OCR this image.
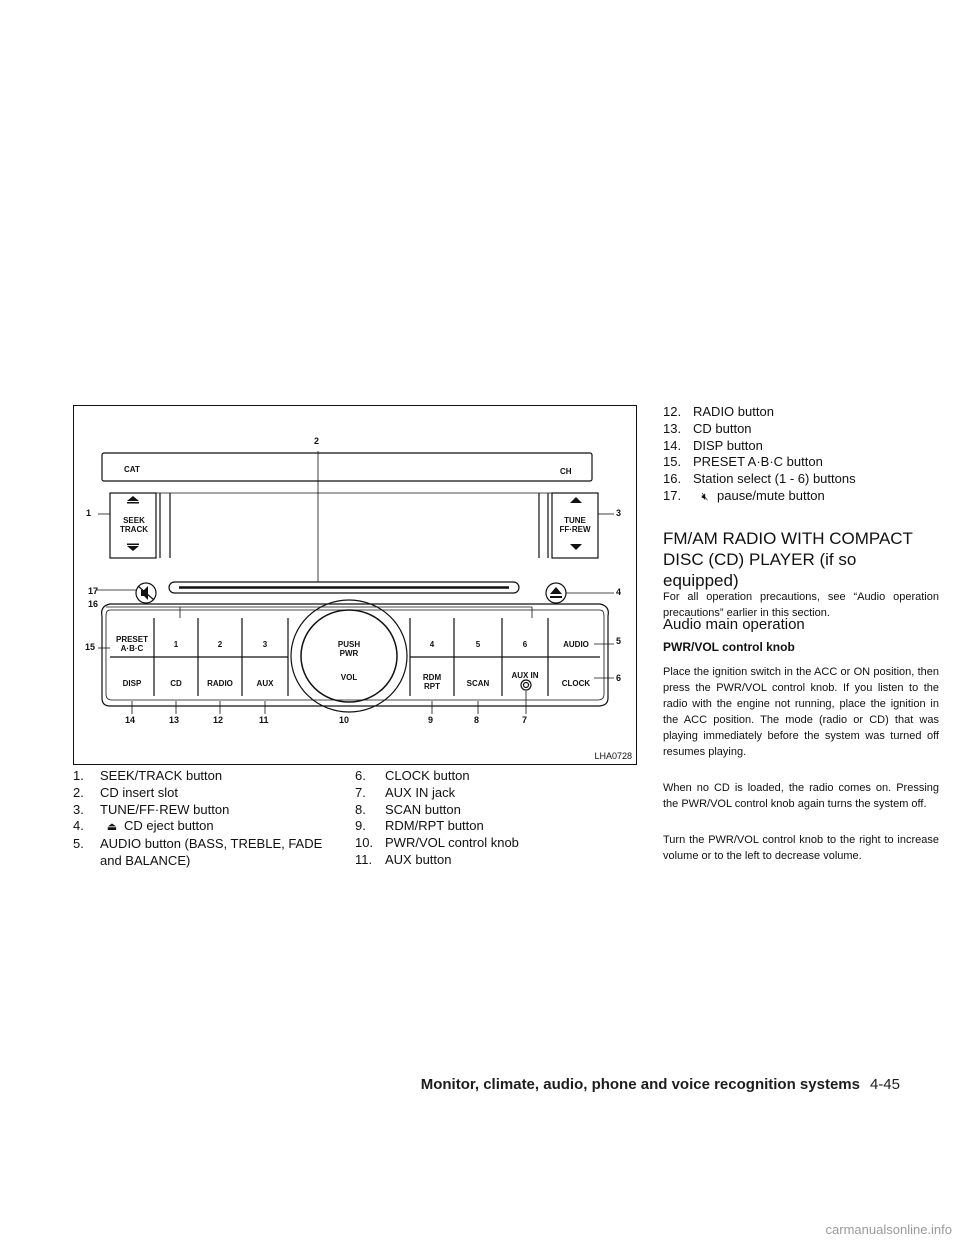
CAT	CH
SEEK
TRACK
TUNE
FF·REW
PRESET
A·B·C	1	2	3	4	5	6	AUDIO
PUSH
PWR
VOL
DISP	CD	RADIO	AUX
RDM
RPT	SCAN
AUX IN
CLOCK
1
2
3
4
5
6
7
8
9
10
11
12
13
14
15
16
17
LHA0728
1.	SEEK/TRACK button
2.	CD insert slot
3.	TUNE/FF·REW button
4.	⏏ CD eject button
5.	AUDIO button (BASS, TREBLE, FADE and BALANCE)
6.	CLOCK button
7.	AUX IN jack
8.	SCAN button
9.	RDM/RPT button
10. PWR/VOL control knob
11. AUX button
12. RADIO button
13. CD button
14. DISP button
15. PRESET A·B·C button
16. Station select (1 - 6) buttons
17.	🔇︎ pause/mute button
FM/AM RADIO WITH COMPACT DISC (CD) PLAYER (if so equipped)
For all operation precautions, see “Audio operation precautions” earlier in this section.
Audio main operation
PWR/VOL control knob
Place the ignition switch in the ACC or ON position, then press the PWR/VOL control knob. If you listen to the radio with the engine not running, place the ignition in the ACC position. The mode (radio or CD) that was playing immediately before the system was turned off resumes playing.
When no CD is loaded, the radio comes on. Pressing the PWR/VOL control knob again turns the system off.
Turn the PWR/VOL control knob to the right to increase volume or to the left to decrease volume.
Monitor, climate, audio, phone and voice recognition systems 4-45
carmanualsonline.info
